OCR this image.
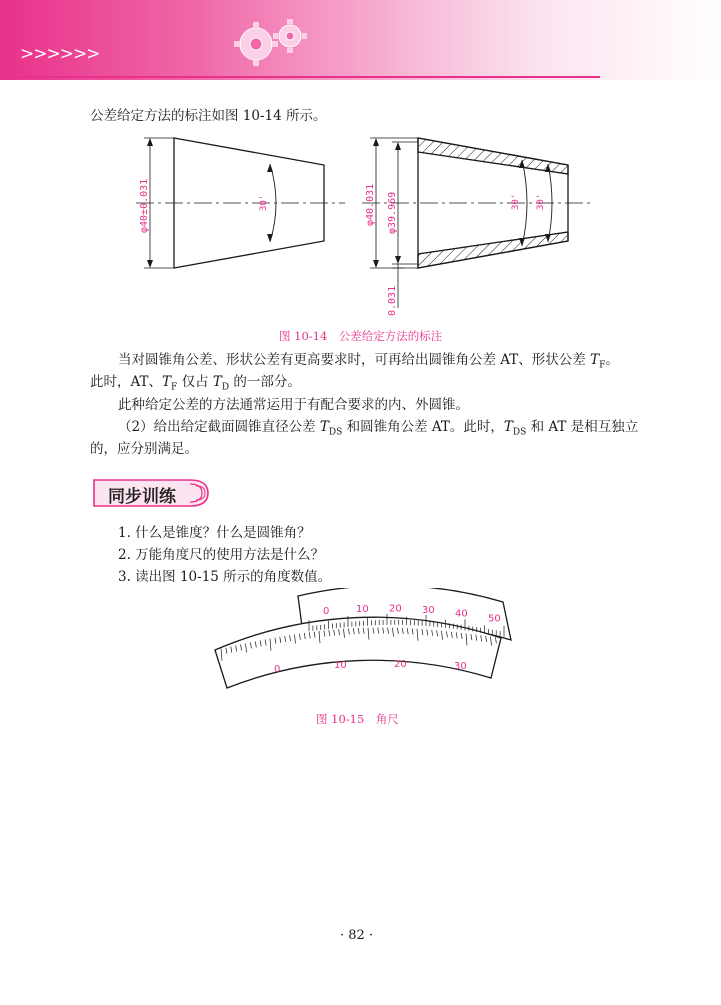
>>>>>>
公差给定方法的标注如图 10-14 所示。
φ40±0.031	30'	φ40.031 φ39.969
0.031
30' 30'
图 10-14　公差给定方法的标注
当对圆锥角公差、形状公差有更高要求时，可再给出圆锥角公差 AT、形状公差 $T_F$。
此时，AT、$T_F$ 仅占 $T_D$ 的一部分。
此种给定公差的方法通常运用于有配合要求的内、外圆锥。
（2）给出给定截面圆锥直径公差 $T_{DS}$ 和圆锥角公差 AT。此时，$T_{DS}$ 和 AT 是相互独立
的，应分别满足。
同步训练
1. 什么是锥度？什么是圆锥角？
2. 万能角度尺的使用方法是什么？
3. 读出图 10-15 所示的角度数值。
0	10 20 30 40 50
0	10	20	30
图 10-15　角尺
· 82 ·
